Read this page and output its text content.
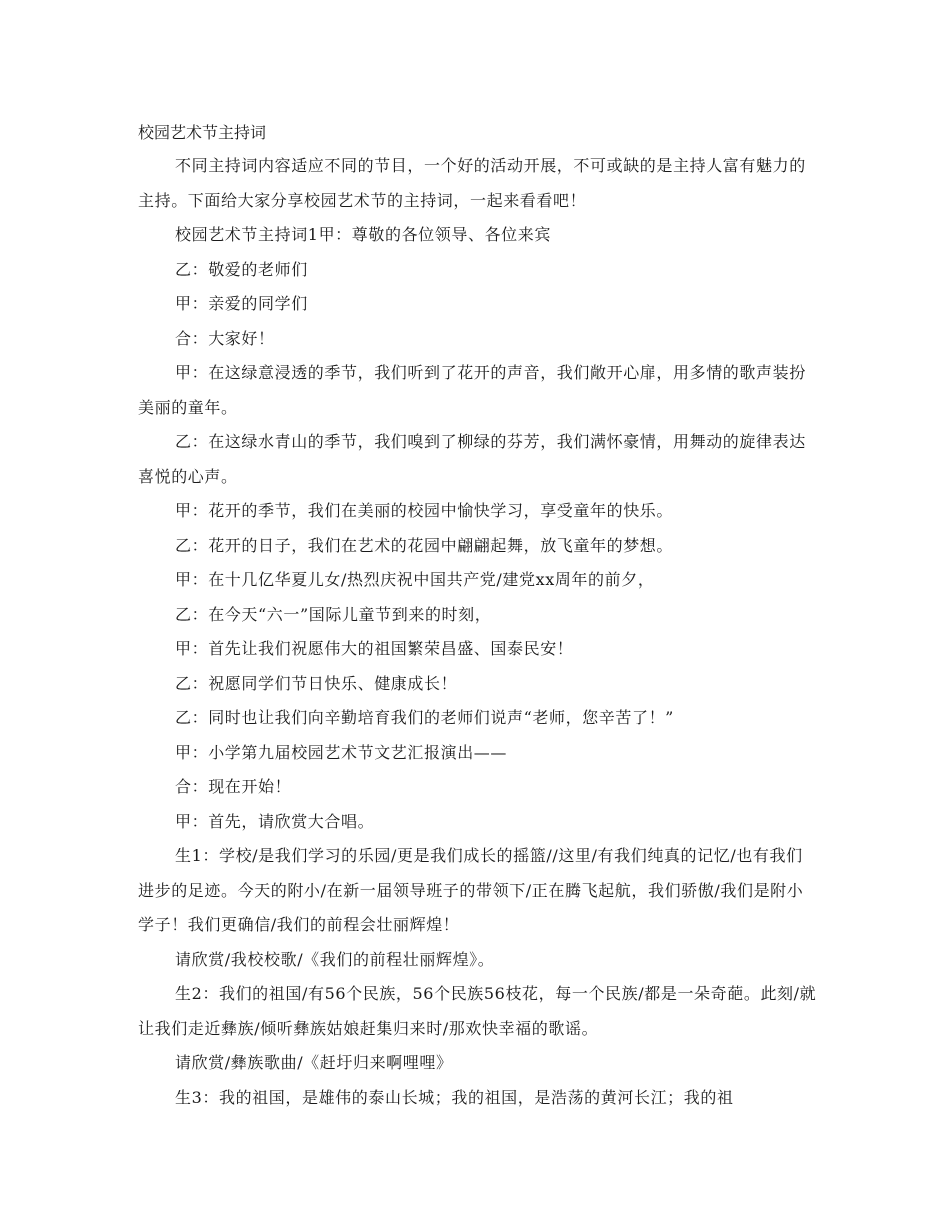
校园艺术节主持词

不同主持词内容适应不同的节目，一个好的活动开展，不可或缺的是主持人富有魅力的主持。下面给大家分享校园艺术节的主持词，一起来看看吧！

校园艺术节主持词1甲：尊敬的各位领导、各位来宾

乙：敬爱的老师们

甲：亲爱的同学们

合：大家好！

甲：在这绿意浸透的季节，我们听到了花开的声音，我们敞开心扉，用多情的歌声装扮美丽的童年。

乙：在这绿水青山的季节，我们嗅到了柳绿的芬芳，我们满怀豪情，用舞动的旋律表达喜悦的心声。

甲：花开的季节，我们在美丽的校园中愉快学习，享受童年的快乐。

乙：花开的日子，我们在艺术的花园中翩翩起舞，放飞童年的梦想。

甲：在十几亿华夏儿女/热烈庆祝中国共产党/建党xx周年的前夕，

乙：在今天“六一”国际儿童节到来的时刻，

甲：首先让我们祝愿伟大的祖国繁荣昌盛、国泰民安！

乙：祝愿同学们节日快乐、健康成长！

乙：同时也让我们向辛勤培育我们的老师们说声“老师，您辛苦了！”

甲：小学第九届校园艺术节文艺汇报演出——

合：现在开始！

甲：首先，请欣赏大合唱。

生1：学校/是我们学习的乐园/更是我们成长的摇篮//这里/有我们纯真的记忆/也有我们进步的足迹。今天的附小/在新一届领导班子的带领下/正在腾飞起航，我们骄傲/我们是附小学子！我们更确信/我们的前程会壮丽辉煌！

请欣赏/我校校歌/《我们的前程壮丽辉煌》。

生2：我们的祖国/有56个民族，56个民族56枝花，每一个民族/都是一朵奇葩。此刻/就让我们走近彝族/倾听彝族姑娘赶集归来时/那欢快幸福的歌谣。

请欣赏/彝族歌曲/《赶圩归来啊哩哩》

生3：我的祖国，是雄伟的泰山长城；我的祖国，是浩荡的黄河长江；我的祖
